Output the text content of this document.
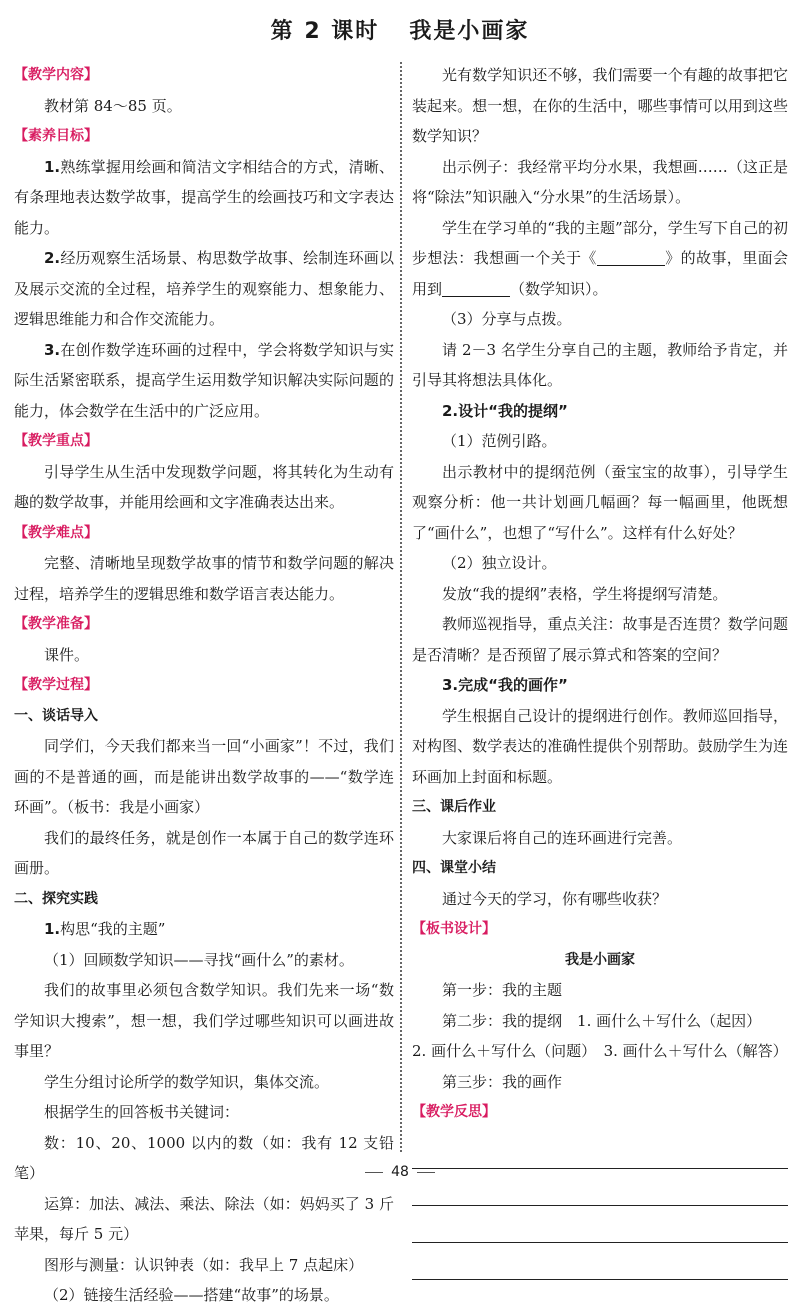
第 2 课时 我是小画家

【教学内容】

教材第 84～85 页。

【素养目标】

1.熟练掌握用绘画和简洁文字相结合的方式，清晰、有条理地表达数学故事，提高学生的绘画技巧和文字表达能力。

2.经历观察生活场景、构思数学故事、绘制连环画以及展示交流的全过程，培养学生的观察能力、想象能力、逻辑思维能力和合作交流能力。

3.在创作数学连环画的过程中，学会将数学知识与实际生活紧密联系，提高学生运用数学知识解决实际问题的能力，体会数学在生活中的广泛应用。

【教学重点】

引导学生从生活中发现数学问题，将其转化为生动有趣的数学故事，并能用绘画和文字准确表达出来。

【教学难点】

完整、清晰地呈现数学故事的情节和数学问题的解决过程，培养学生的逻辑思维和数学语言表达能力。

【教学准备】

课件。

【教学过程】

一、谈话导入

同学们，今天我们都来当一回“小画家”！不过，我们画的不是普通的画，而是能讲出数学故事的——“数学连环画”。（板书：我是小画家）

我们的最终任务，就是创作一本属于自己的数学连环画册。

二、探究实践

1.构思“我的主题”

（1）回顾数学知识——寻找“画什么”的素材。

我们的故事里必须包含数学知识。我们先来一场“数学知识大搜索”，想一想，我们学过哪些知识可以画进故事里？

学生分组讨论所学的数学知识，集体交流。

根据学生的回答板书关键词：

数：10、20、1000 以内的数（如：我有 12 支铅笔）

运算：加法、减法、乘法、除法（如：妈妈买了 3 斤苹果，每斤 5 元）

图形与测量：认识钟表（如：我早上 7 点起床）

（2）链接生活经验——搭建“故事”的场景。

光有数学知识还不够，我们需要一个有趣的故事把它装起来。想一想，在你的生活中，哪些事情可以用到这些数学知识？

出示例子：我经常平均分水果，我想画……（这正是将“除法”知识融入“分水果”的生活场景）。

学生在学习单的“我的主题”部分，学生写下自己的初步想法：我想画一个关于《	》的故事，里面会用到	（数学知识）。

（3）分享与点拨。

请 2－3 名学生分享自己的主题，教师给予肯定，并引导其将想法具体化。

2.设计“我的提纲”

（1）范例引路。

出示教材中的提纲范例（蚕宝宝的故事），引导学生观察分析：他一共计划画几幅画？每一幅画里，他既想了“画什么”，也想了“写什么”。这样有什么好处？

（2）独立设计。

发放“我的提纲”表格，学生将提纲写清楚。

教师巡视指导，重点关注：故事是否连贯？数学问题是否清晰？是否预留了展示算式和答案的空间？

3.完成“我的画作”

学生根据自己设计的提纲进行创作。教师巡回指导，对构图、数学表达的准确性提供个别帮助。鼓励学生为连环画加上封面和标题。

三、课后作业

大家课后将自己的连环画进行完善。

四、课堂小结

通过今天的学习，你有哪些收获？

【板书设计】

我是小画家

第一步：我的主题

第二步：我的提纲　 1. 画什么＋写什么（起因）

2. 画什么＋写什么（问题）　3. 画什么＋写什么（解答）

第三步：我的画作

【教学反思】

48
